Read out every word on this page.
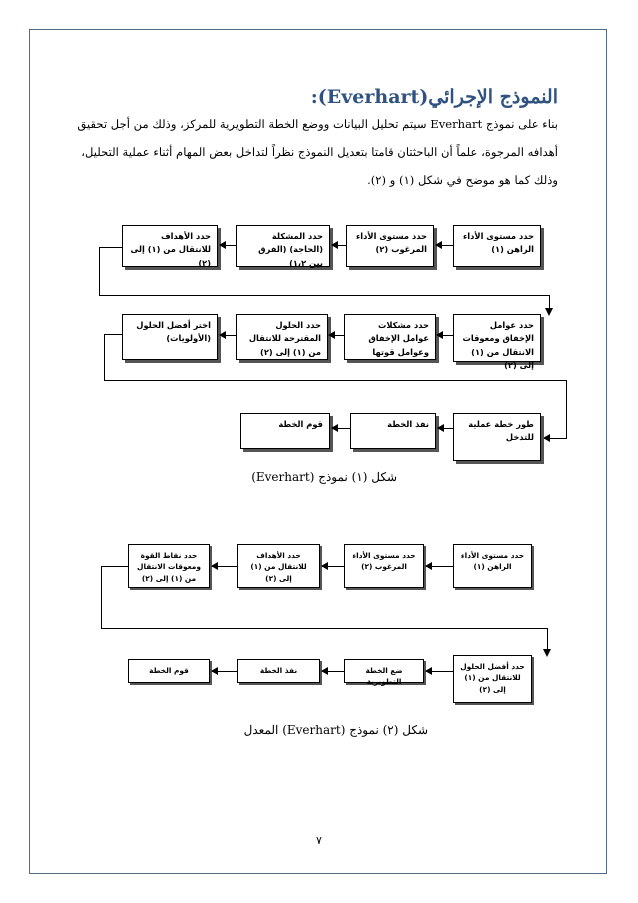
النموذج الإجرائي(Everhart):
بناء على نموذج Everhart سيتم تحليل البيانات ووضع الخطة التطويرية للمركز، وذلك من أجل تحقيق
أهدافه المرجوة، علماً أن الباحثتان قامتا بتعديل النموذج نظراً لتداخل بعض المهام أثناء عملية التحليل،
وذلك كما هو موضح في شكل (١) و (٢).
حدد مستوى الأداء الراهن (١)
حدد مستوى الأداء المرغوب (٢)
حدد المشكلة (الحاجة) (الفرق بين ١،٢)
حدد الأهداف للانتقال من (١) إلى (٢)
حدد عوامل الإخفاق ومعوقات الانتقال من (١) إلى (٢)
حدد مشكلات عوامل الإخفاق وعوامل قوتها
حدد الحلول المقترحة للانتقال من (١) إلى (٢)
اختر أفضل الحلول (الأولويات)
طور خطة عملية للتدخل
نفذ الخطة
قوم الخطة
شكل (١) نموذج (Everhart)
حدد مستوى الأداء الراهن (١)
حدد مستوى الأداء المرغوب (٢)
حدد الأهداف للانتقال من (١) إلى (٢)
حدد نقاط القوة ومعوقات الانتقال من (١) إلى (٢)
حدد أفضل الحلول للانتقال من (١) إلى (٢)
ضع الخطة التطويرية
نفذ الخطة
قوم الخطة
شكل (٢) نموذج (Everhart) المعدل
٧
